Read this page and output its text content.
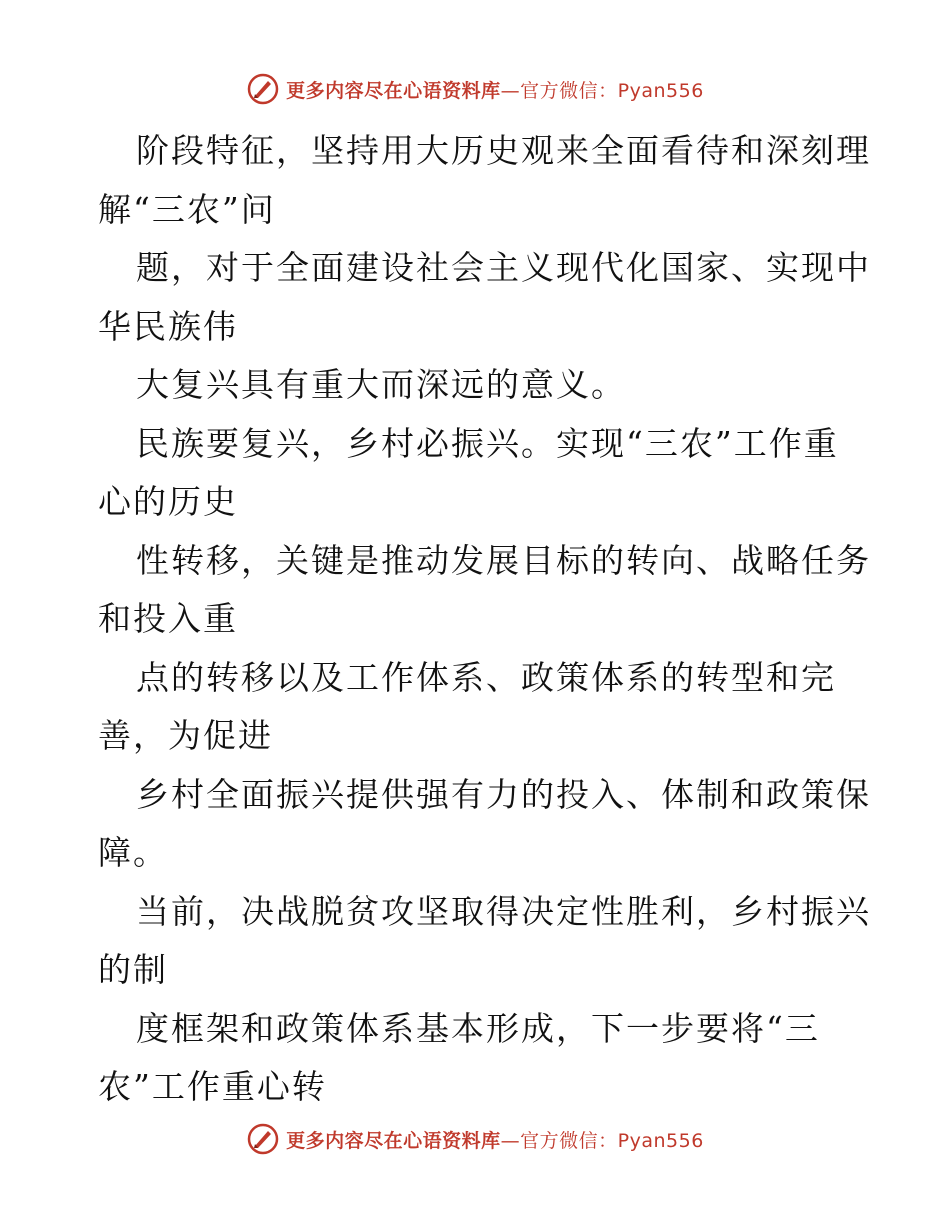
更多内容尽在心语资料库—官方微信：Pyan556
阶段特征，坚持用大历史观来全面看待和深刻理
解“三农”问
题，对于全面建设社会主义现代化国家、实现中
华民族伟
大复兴具有重大而深远的意义。
民族要复兴，乡村必振兴。实现“三农”工作重
心的历史
性转移，关键是推动发展目标的转向、战略任务
和投入重
点的转移以及工作体系、政策体系的转型和完
善，为促进
乡村全面振兴提供强有力的投入、体制和政策保
障。
当前，决战脱贫攻坚取得决定性胜利，乡村振兴
的制
度框架和政策体系基本形成，下一步要将“三
农”工作重心转
更多内容尽在心语资料库—官方微信：Pyan556
